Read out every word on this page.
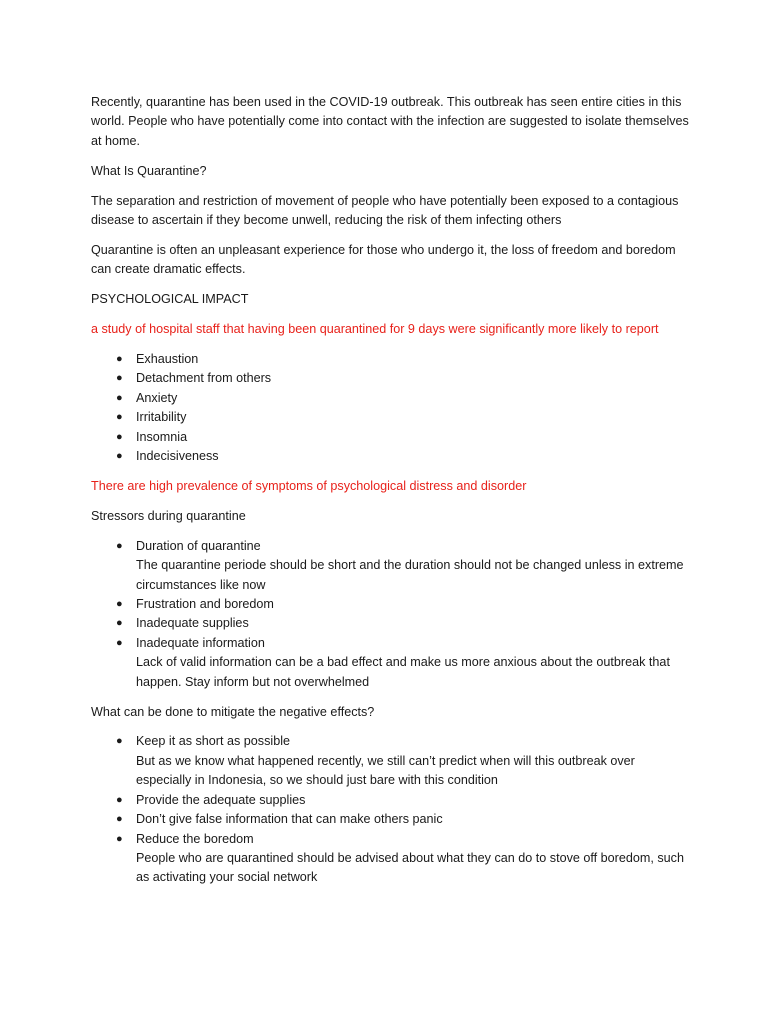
Recently, quarantine has been used in the COVID-19 outbreak. This outbreak has seen entire cities in this world. People who have potentially come into contact with the infection are suggested to isolate themselves at home.

What Is Quarantine?

The separation and restriction of movement of people who have potentially been exposed to a contagious disease to ascertain if they become unwell, reducing the risk of them infecting others

Quarantine is often an unpleasant experience for those who undergo it, the loss of freedom and boredom can create dramatic effects.

PSYCHOLOGICAL IMPACT

a study of hospital staff that having been quarantined for 9 days were significantly more likely to report

● Exhaustion
● Detachment from others
● Anxiety
● Irritability
● Insomnia
● Indecisiveness

There are high prevalence of symptoms of psychological distress and disorder

Stressors during quarantine

● Duration of quarantine
The quarantine periode should be short and the duration should not be changed unless in extreme circumstances like now
● Frustration and boredom
● Inadequate supplies
● Inadequate information
Lack of valid information can be a bad effect and make us more anxious about the outbreak that happen. Stay inform but not overwhelmed

What can be done to mitigate the negative effects?

● Keep it as short as possible
But as we know what happened recently, we still can’t predict when will this outbreak over especially in Indonesia, so we should just bare with this condition
● Provide the adequate supplies
● Don’t give false information that can make others panic
● Reduce the boredom
People who are quarantined should be advised about what they can do to stove off boredom, such as activating your social network
